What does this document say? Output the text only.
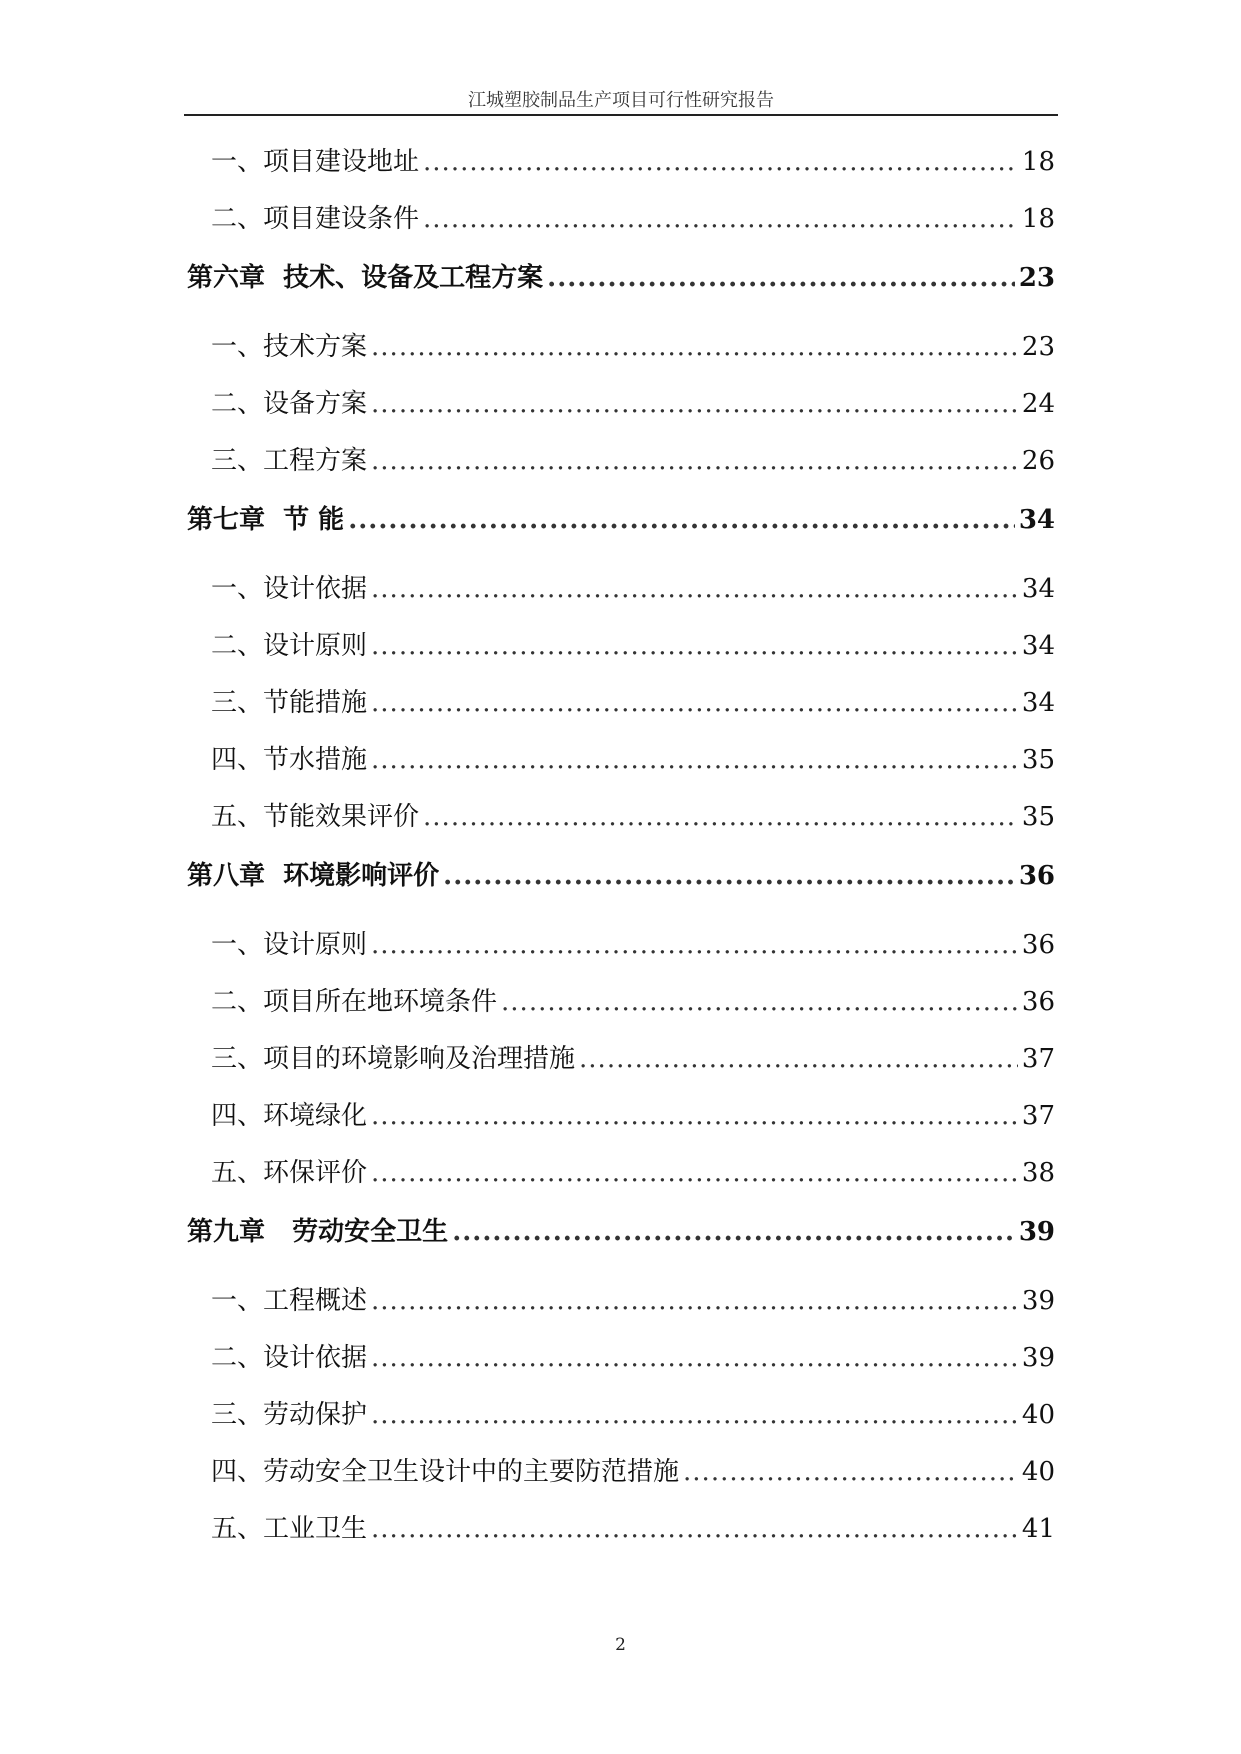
江城塑胶制品生产项目可行性研究报告
一、项目建设地址 .....	18
二、项目建设条件 .....	18
第六章 技术、设备及工程方案 .....	23
一、技术方案 .....	23
二、设备方案 .....	24
三、工程方案 .....	26
第七章 节 能 .....	34
一、设计依据 .....	34
二、设计原则 .....	34
三、节能措施 .....	34
四、节水措施 .....	35
五、节能效果评价 .....	35
第八章 环境影响评价 .....	36
一、设计原则 .....	36
二、项目所在地环境条件 .....	36
三、项目的环境影响及治理措施 .....	37
四、环境绿化 .....	37
五、环保评价 .....	38
第九章 劳动安全卫生 .....	39
一、工程概述 .....	39
二、设计依据 .....	39
三、劳动保护 .....	40
四、劳动安全卫生设计中的主要防范措施 .....	40
五、工业卫生 .....	41
2
